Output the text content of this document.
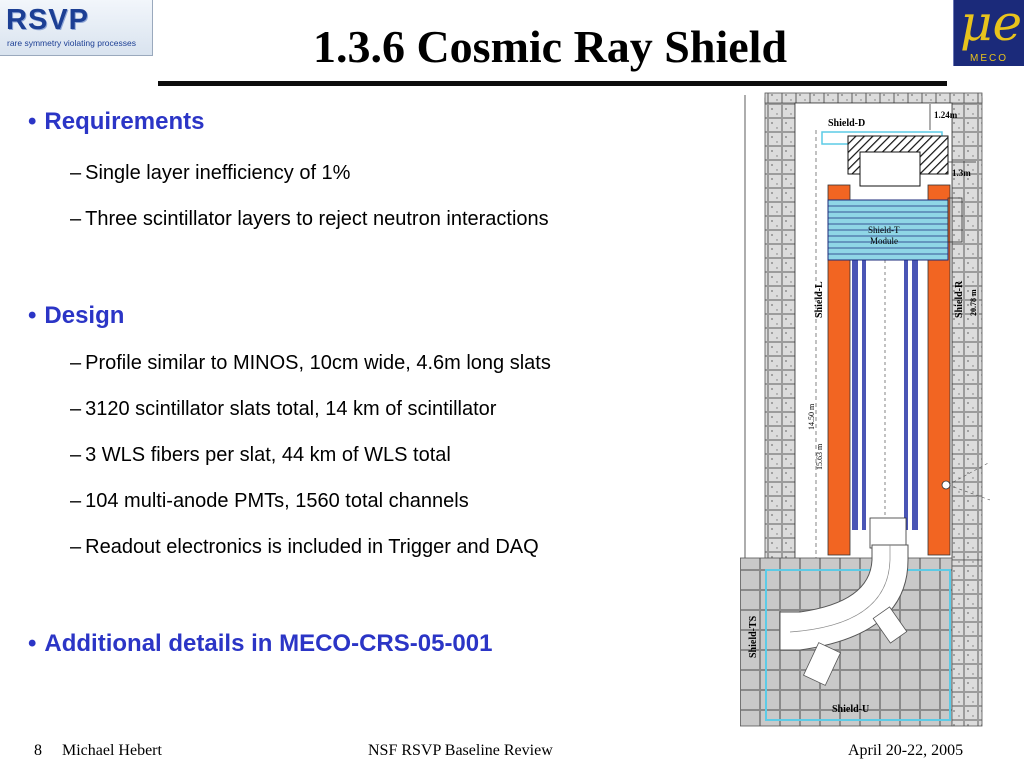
RSVP
rare symmetry violating processes	μe
MECO
1.3.6 Cosmic Ray Shield
• Requirements
– Single layer inefficiency of 1%
– Three scintillator layers to reject neutron interactions
• Design
– Profile similar to MINOS, 10cm wide, 4.6m long slats
– 3120 scintillator slats total, 14 km of scintillator
– 3 WLS fibers per slat, 44 km of WLS total
– 104 multi-anode PMTs, 1560 total channels
– Readout electronics is included in Trigger and DAQ
• Additional details in MECO-CRS-05-001
Shield-D
1.24m
1.3m
Shield-T
Module
Shield-L	Shield-R 20.78 m
14.50 m
15.63 m
Shield-TS
Shield-U
8 Michael Hebert	NSF RSVP Baseline Review	April 20-22, 2005
